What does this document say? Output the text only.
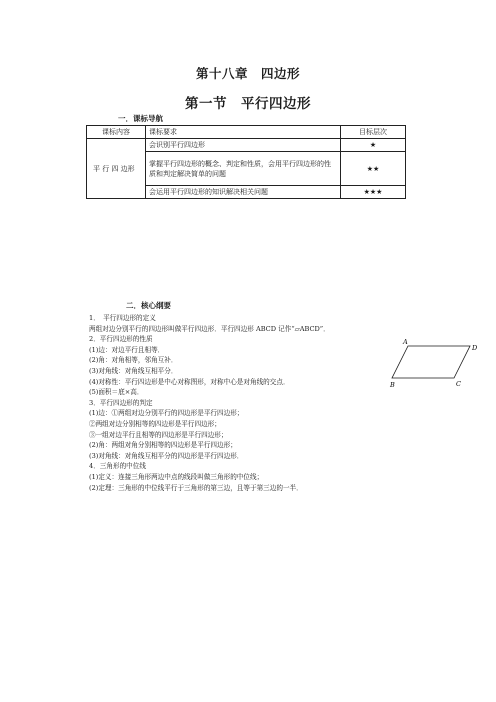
第十八章　四边形
第一节　平行四边形
一．课标导航
课标内容	课标要求	目标层次
平 行 四 边形	会识别平行四边形	★
	掌握平行四边形的概念、判定和性质，会用平行四边形的性质和判定解决简单的问题	★★
	会运用平行四边形的知识解决相关问题	★★★
二．核心纲要
1．　平行四边形的定义
两组对边分别平行的四边形叫做平行四边形．平行四边形 ABCD 记作“▱ABCD”．
2．平行四边形的性质
(1)边：对边平行且相等．
(2)角：对角相等，邻角互补．
(3)对角线：对角线互相平分．
(4)对称性：平行四边形是中心对称图形，对称中心是对角线的交点．
(5)面积＝底×高．
3．平行四边形的判定
(1)边：①两组对边分别平行的四边形是平行四边形；
②两组对边分别相等的四边形是平行四边形；
③一组对边平行且相等的四边形是平行四边形；
(2)角：两组对角分别相等的四边形是平行四边形；
(3)对角线：对角线互相平分的四边形是平行四边形．
4．三角形的中位线
(1)定义：连接三角形两边中点的线段叫做三角形的中位线；
(2)定理：三角形的中位线平行于三角形的第三边，且等于第三边的一半．
A
D
B	C
